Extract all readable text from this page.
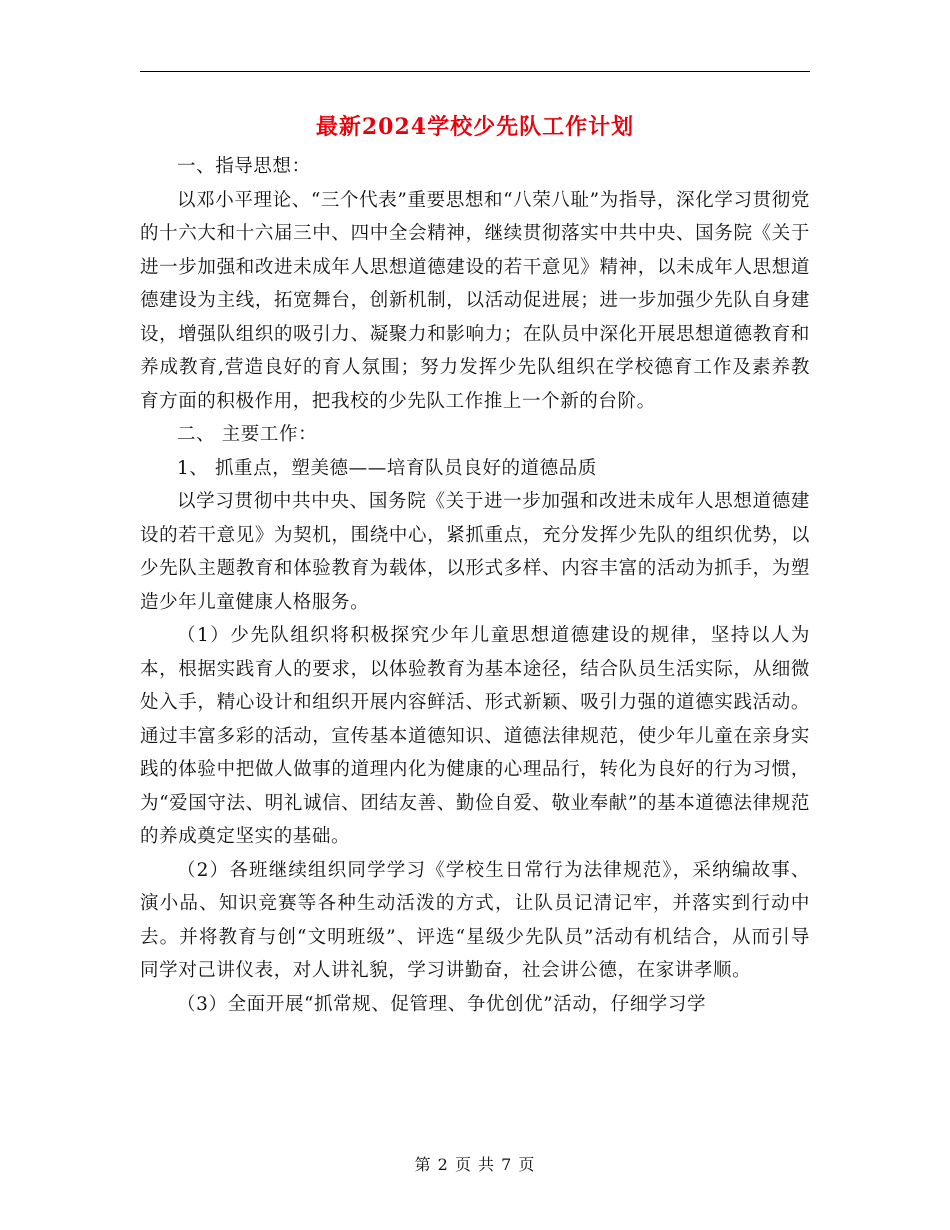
最新2024学校少先队工作计划

一、指导思想：

以邓小平理论、“三个代表”重要思想和“八荣八耻”为指导，深化学习贯彻党的十六大和十六届三中、四中全会精神，继续贯彻落实中共中央、国务院《关于进一步加强和改进未成年人思想道德建设的若干意见》精神，以未成年人思想道德建设为主线，拓宽舞台，创新机制，以活动促进展；进一步加强少先队自身建设，增强队组织的吸引力、凝聚力和影响力；在队员中深化开展思想道德教育和养成教育,营造良好的育人氛围；努力发挥少先队组织在学校德育工作及素养教育方面的积极作用，把我校的少先队工作推上一个新的台阶。

二、 主要工作：

1、 抓重点，塑美德——培育队员良好的道德品质

以学习贯彻中共中央、国务院《关于进一步加强和改进未成年人思想道德建设的若干意见》为契机，围绕中心，紧抓重点，充分发挥少先队的组织优势，以少先队主题教育和体验教育为载体，以形式多样、内容丰富的活动为抓手，为塑造少年儿童健康人格服务。

（1）少先队组织将积极探究少年儿童思想道德建设的规律，坚持以人为本，根据实践育人的要求，以体验教育为基本途径，结合队员生活实际，从细微处入手，精心设计和组织开展内容鲜活、形式新颖、吸引力强的道德实践活动。通过丰富多彩的活动，宣传基本道德知识、道德法律规范，使少年儿童在亲身实践的体验中把做人做事的道理内化为健康的心理品行，转化为良好的行为习惯，为“爱国守法、明礼诚信、团结友善、勤俭自爱、敬业奉献”的基本道德法律规范的养成奠定坚实的基础。

（2）各班继续组织同学学习《学校生日常行为法律规范》，采纳编故事、演小品、知识竞赛等各种生动活泼的方式，让队员记清记牢，并落实到行动中去。并将教育与创“文明班级”、评选“星级少先队员”活动有机结合，从而引导同学对己讲仪表，对人讲礼貌，学习讲勤奋，社会讲公德，在家讲孝顺。

（3）全面开展“抓常规、促管理、争优创优”活动，仔细学习学

第 2 页 共 7 页
